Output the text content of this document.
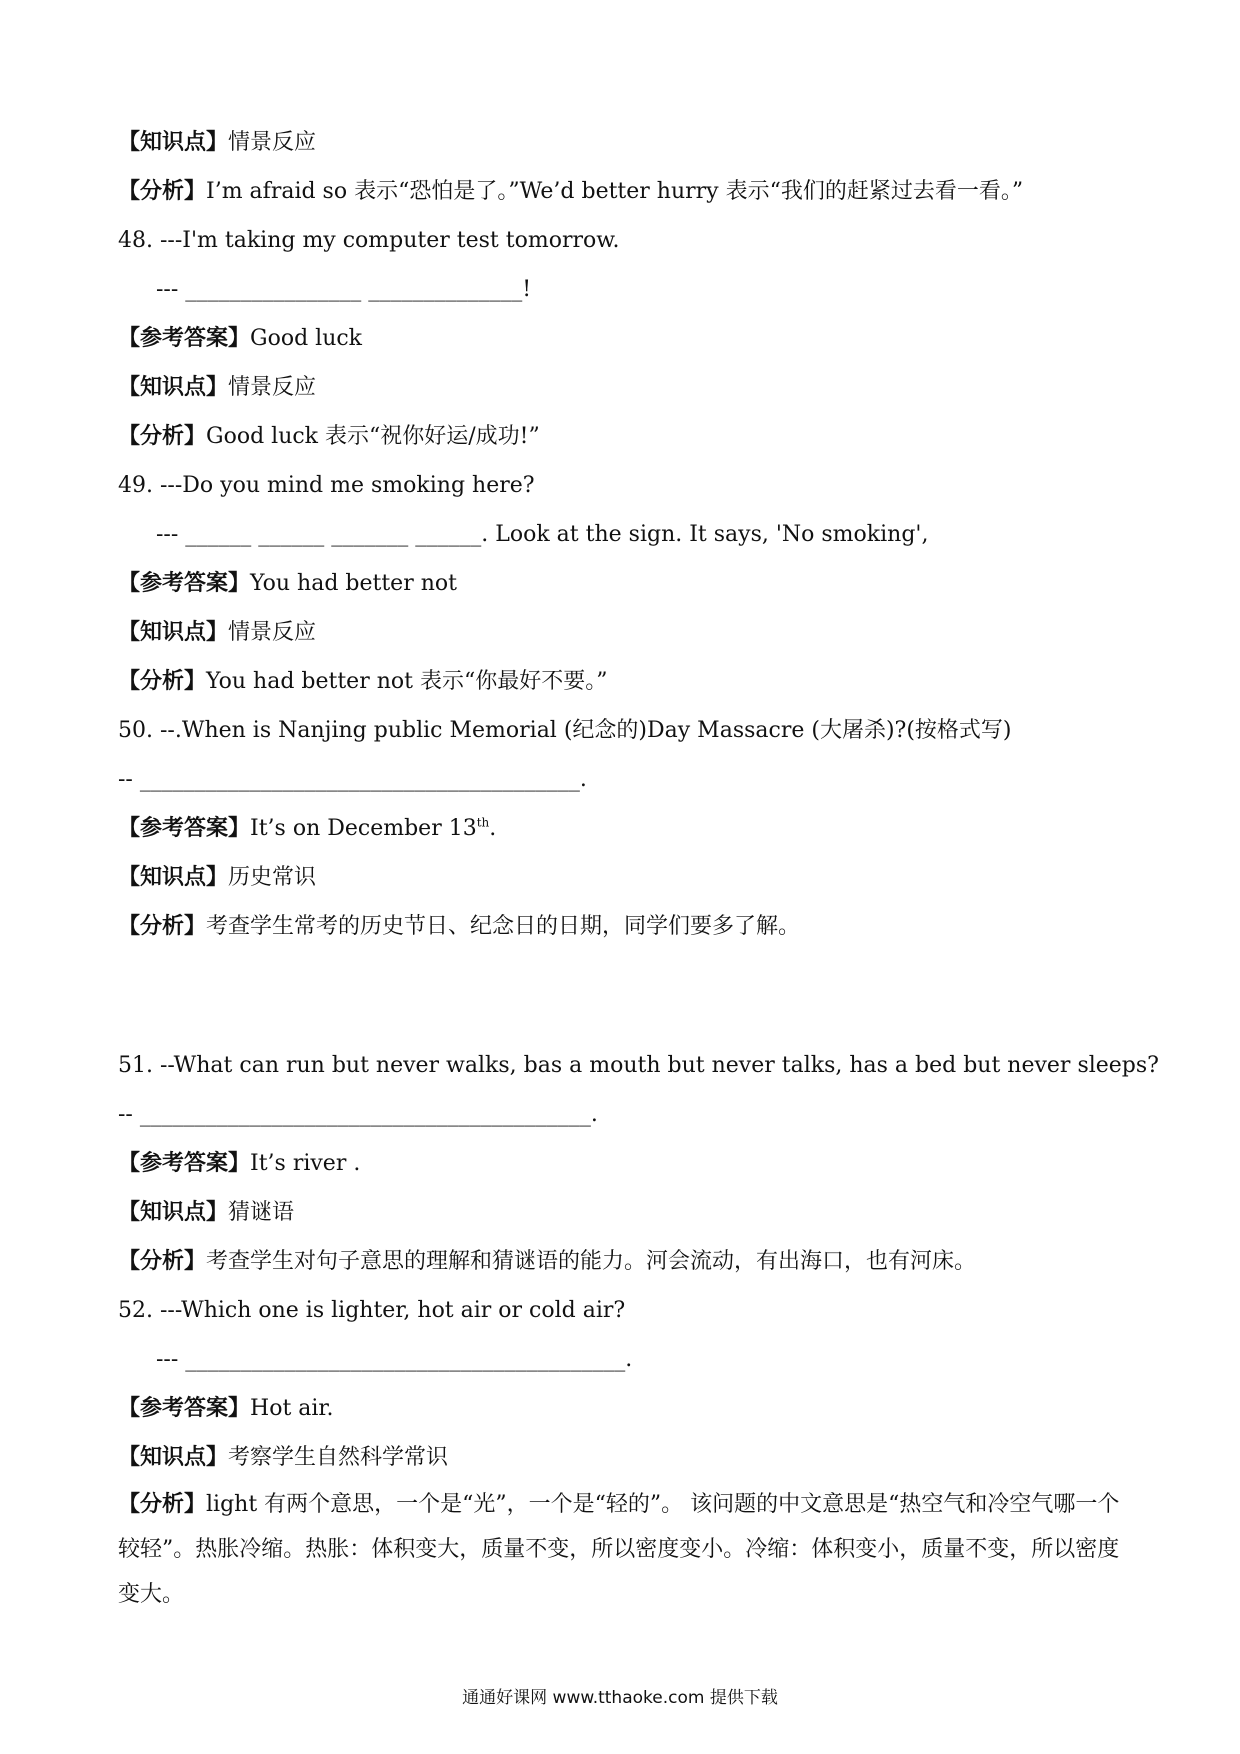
【知识点】情景反应
【分析】I’m afraid so 表示“恐怕是了。”We’d better hurry 表示“我们的赶紧过去看一看。”
48. ---I'm taking my computer test tomorrow.
--- ________________ ______________!
【参考答案】Good luck
【知识点】情景反应
【分析】Good luck 表示“祝你好运/成功!”
49. ---Do you mind me smoking here?
--- ______ ______ _______ ______. Look at the sign. It says, 'No smoking',
【参考答案】You had better not
【知识点】情景反应
【分析】You had better not 表示“你最好不要。”
50. --.When is Nanjing public Memorial (纪念的)Day Massacre (大屠杀)?(按格式写)
-- ________________________________________.
【参考答案】It’s on December 13th.
【知识点】历史常识
【分析】考查学生常考的历史节日、纪念日的日期，同学们要多了解。
51. --What can run but never walks, bas a mouth but never talks, has a bed but never sleeps?
-- _________________________________________.
【参考答案】It’s river .
【知识点】猜谜语
【分析】考查学生对句子意思的理解和猜谜语的能力。河会流动，有出海口，也有河床。
52. ---Which one is lighter, hot air or cold air?
--- ________________________________________.
【参考答案】Hot air.
【知识点】考察学生自然科学常识
【分析】light 有两个意思，一个是“光”，一个是“轻的”。 该问题的中文意思是“热空气和冷空气哪一个较轻”。热胀冷缩。热胀：体积变大，质量不变，所以密度变小。冷缩：体积变小，质量不变，所以密度变大。
通通好课网 www.tthaoke.com 提供下载
